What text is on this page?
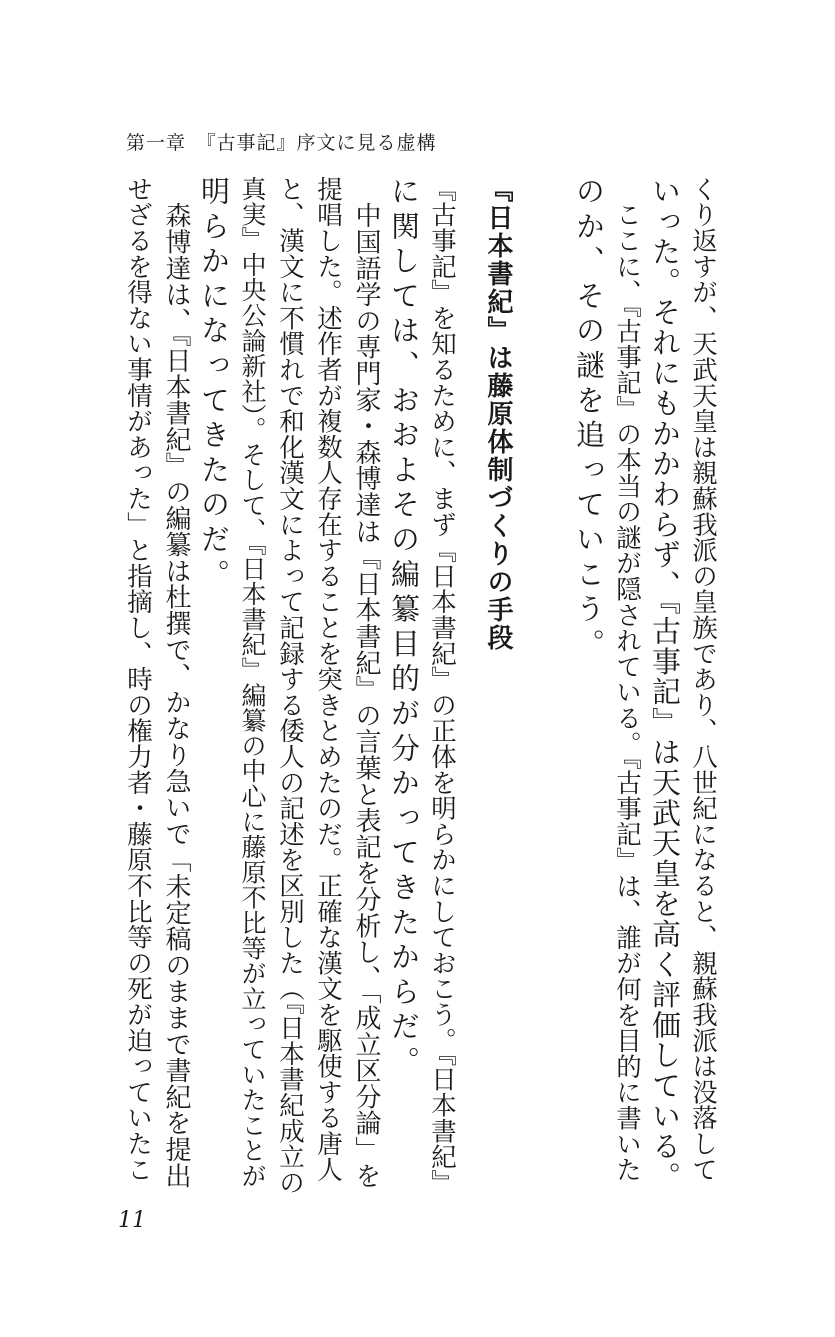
第一章　『古事記』序文に見る虚構
くり返すが、天武天皇は親蘇我派の皇族であり、八世紀になると、親蘇我派は没落して
いった。それにもかかわらず、『古事記』は天武天皇を高く評価している。
　ここに、『古事記』の本当の謎が隠されている。『古事記』は、誰が何を目的に書いた
のか、その謎を追っていこう。
『日本書紀』は藤原体制づくりの手段
『古事記』を知るために、まず『日本書紀』の正体を明らかにしておこう。『日本書紀』
に関しては、おおよその編纂目的が分かってきたからだ。
　中国語学の専門家・森博達は『日本書紀』の言葉と表記を分析し、「成立区分論」を
提唱した。述作者が複数人存在することを突きとめたのだ。正確な漢文を駆使する唐人
と、漢文に不慣れで和化漢文によって記録する倭人の記述を区別した（『日本書紀成立の
真実』中央公論新社）。そして、『日本書紀』編纂の中心に藤原不比等が立っていたことが
明らかになってきたのだ。
　森博達は、『日本書紀』の編纂は杜撰で、かなり急いで「未定稿のままで書紀を提出
せざるを得ない事情があった」と指摘し、時の権力者・藤原不比等の死が迫っていたこ
11
